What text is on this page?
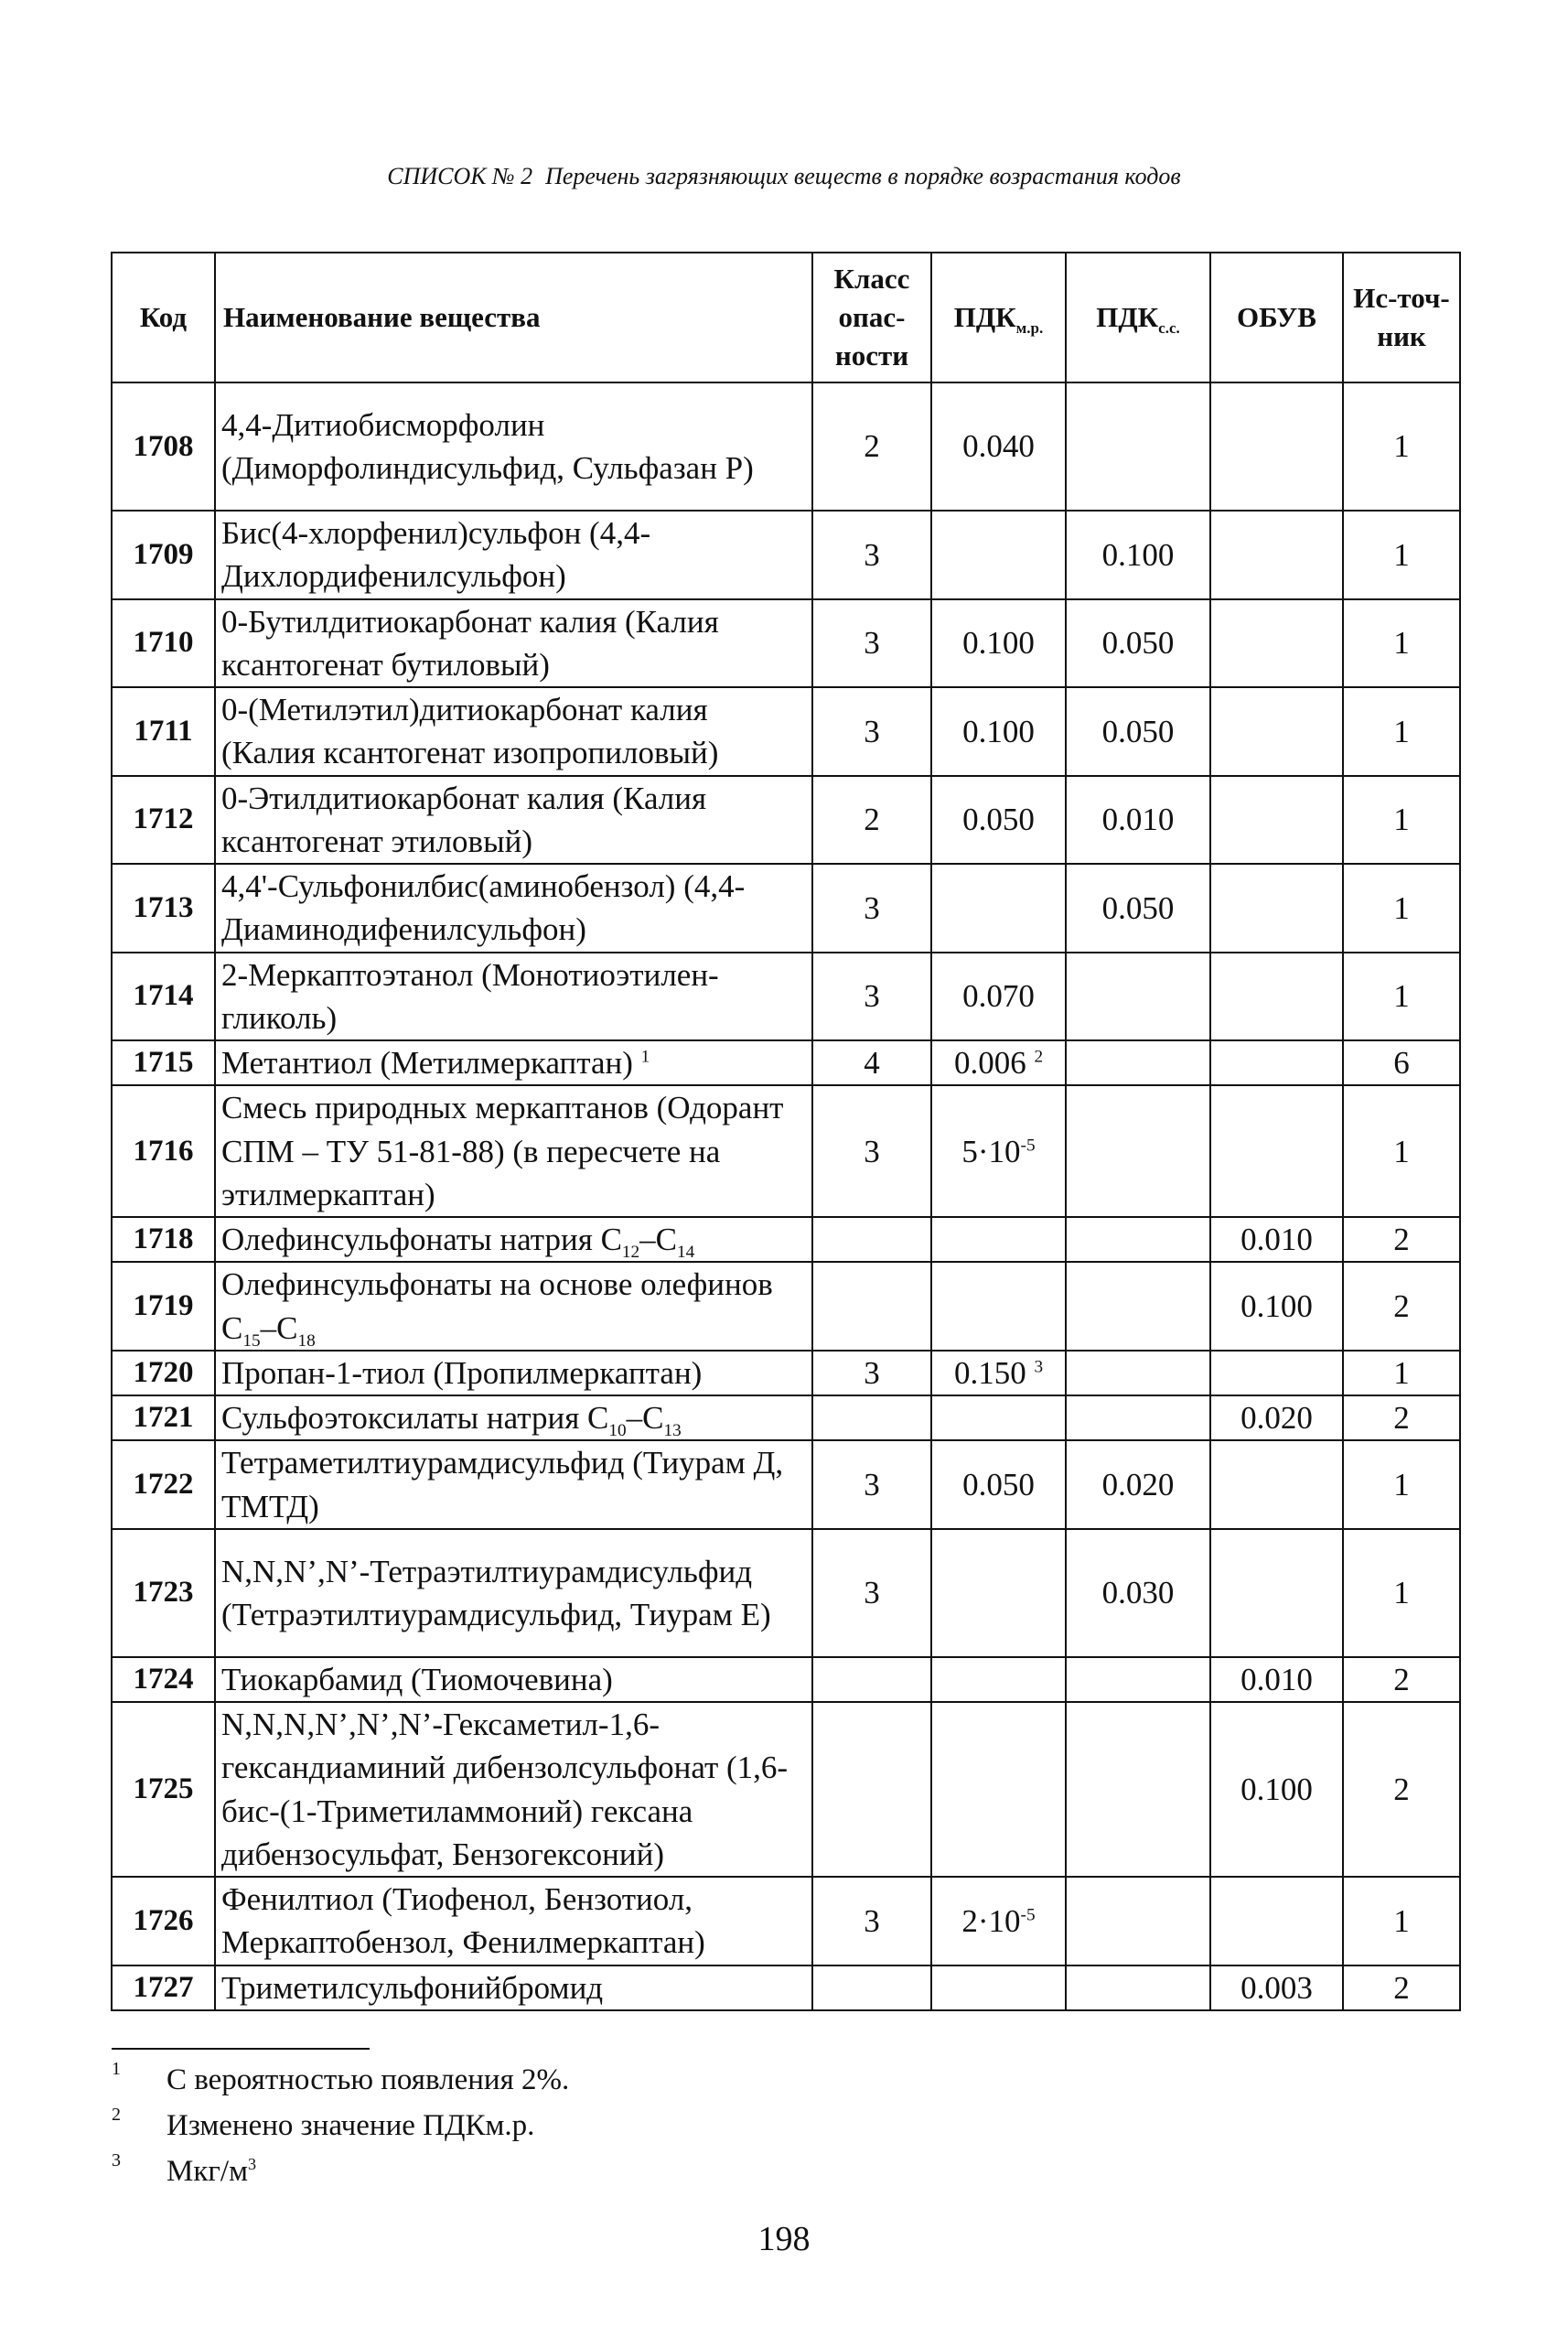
СПИСОК № 2 Перечень загрязняющих веществ в порядке возрастания кодов
Код	Наименование вещества	Класс опас-ности	$ПДК_{м.р.}$	$ПДК_{с.с.}$	ОБУВ	Ис-точ-ник
1708	4,4-Дитиобисморфолин (Диморфолиндисульфид, Сульфазан Р)	2	0.040			1
1709	Бис(4-хлорфенил)сульфон (4,4-Дихлордифенилсульфон)	3		0.100		1
1710	0-Бутилдитиокарбонат калия (Калия ксантогенат бутиловый)	3	0.100	0.050		1
1711	0-(Метилэтил)дитиокарбонат калия (Калия ксантогенат изопропиловый)	3	0.100	0.050		1
1712	0-Этилдитиокарбонат калия (Калия ксантогенат этиловый)	2	0.050	0.010		1
1713	4,4'-Сульфонилбис(аминобензол) (4,4-Диаминодифенилсульфон)	3		0.050		1
1714	2-Меркаптоэтанол (Монотиоэтилен-гликоль)	3	0.070			1
1715	Метантиол (Метилмеркаптан) $^1$	4	0.006 $^2$			6
1716	Смесь природных меркаптанов (Одорант СПМ – ТУ 51-81-88) (в пересчете на этилмеркаптан)	3	$5\cdot 10^{-5}$			1
1718	Олефинсульфонаты натрия $C_{12}-C_{14}$				0.010	2
1719	Олефинсульфонаты на основе олефинов $C_{15}-C_{18}$				0.100	2
1720	Пропан-1-тиол (Пропилмеркаптан)	3	0.150 $^3$			1
1721	Сульфоэтоксилаты натрия $C_{10}-C_{13}$				0.020	2
1722	Тетраметилтиурамдисульфид (Тиурам Д, ТМТД)	3	0.050	0.020		1
1723	N,N,N’,N’-Тетраэтилтиурамдисульфид (Тетраэтилтиурамдисульфид, Тиурам Е)	3		0.030		1
1724	Тиокарбамид (Тиомочевина)				0.010	2
1725	N,N,N,N’,N’,N’-Гексаметил-1,6-гександиаминий дибензолсульфонат (1,6-бис-(1-Триметиламмоний) гексана дибензосульфат, Бензогексоний)				0.100	2
1726	Фенилтиол (Тиофенол, Бензотиол, Меркаптобензол, Фенилмеркаптан)	3	$2\cdot 10^{-5}$			1
1727	Триметилсульфонийбромид				0.003	2
1 С вероятностью появления 2%.
2 Изменено значение ПДКм.р.
3 Мкг/$м^3$
198
